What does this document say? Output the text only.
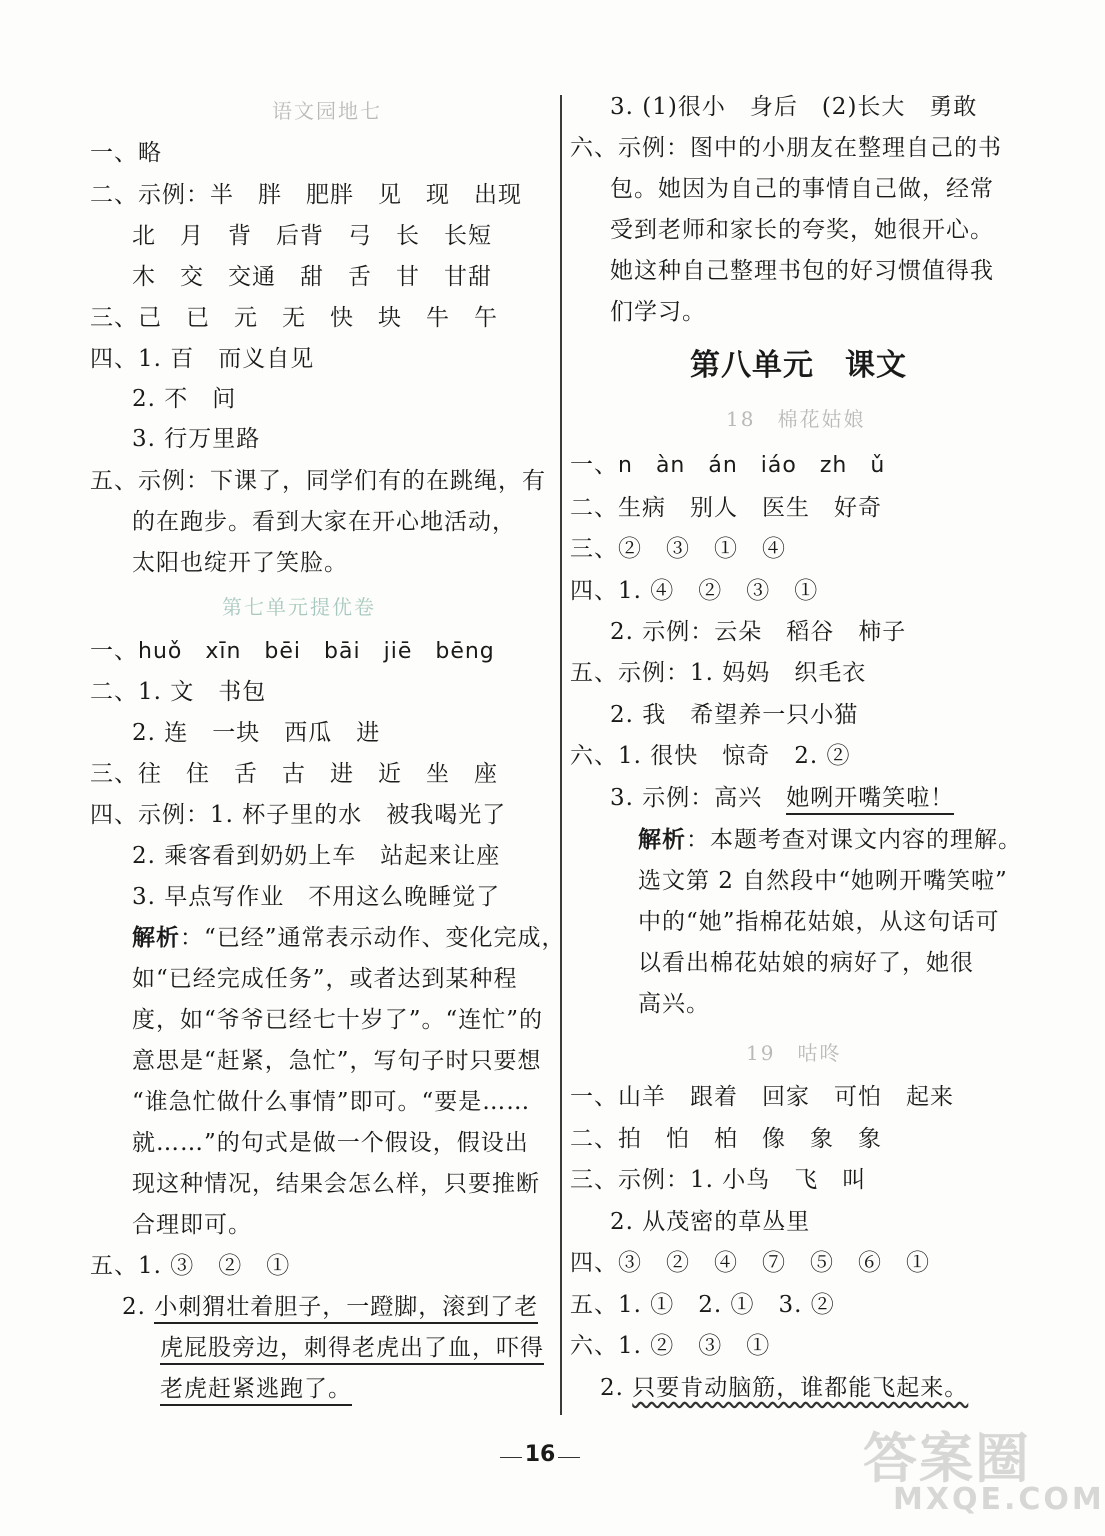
语文园地七
一、略
二、示例：半　胖　肥胖　见　现　出现
北　月　背　后背　弓　长　长短
木　交　交通　甜　舌　甘　甘甜
三、己　已　元　无　快　块　牛　午
四、1. 百　而义自见
2. 不　问
3. 行万里路
五、示例：下课了，同学们有的在跳绳，有
的在跑步。看到大家在开心地活动，
太阳也绽开了笑脸。
第七单元提优卷
一、huǒ　xīn　bēi　bāi　jiē　bēng
二、1. 文　书包
2. 连　一块　西瓜　进
三、往　住　舌　古　进　近　坐　座
四、示例：1. 杯子里的水　被我喝光了
2. 乘客看到奶奶上车　站起来让座
3. 早点写作业　不用这么晚睡觉了
解析：“已经”通常表示动作、变化完成，
如“已经完成任务”，或者达到某种程
度，如“爷爷已经七十岁了”。“连忙”的
意思是“赶紧，急忙”，写句子时只要想
“谁急忙做什么事情”即可。“要是……
就……”的句式是做一个假设，假设出
现这种情况，结果会怎么样，只要推断
合理即可。
五、1. ③　②　①
2. 小刺猬壮着胆子，一蹬脚，滚到了老
虎屁股旁边，刺得老虎出了血，吓得
老虎赶紧逃跑了。
3. (1)很小　身后　(2)长大　勇敢
六、示例：图中的小朋友在整理自己的书
包。她因为自己的事情自己做，经常
受到老师和家长的夸奖，她很开心。
她这种自己整理书包的好习惯值得我
们学习。
第八单元　课文
18　棉花姑娘
一、n　àn　án　iáo　zh　ǔ
二、生病　别人　医生　好奇
三、②　③　①　④
四、1. ④　②　③　①
2. 示例：云朵　稻谷　柿子
五、示例：1. 妈妈　织毛衣
2. 我　希望养一只小猫
六、1. 很快　惊奇　2. ②
3. 示例：高兴　她咧开嘴笑啦！
解析：本题考查对课文内容的理解。
选文第 2 自然段中“她咧开嘴笑啦”
中的“她”指棉花姑娘，从这句话可
以看出棉花姑娘的病好了，她很
高兴。
19　咕咚
一、山羊　跟着　回家　可怕　起来
二、拍　怕　柏　像　象　象
三、示例：1. 小鸟　飞　叫
2. 从茂密的草丛里
四、③　②　④　⑦　⑤　⑥　①
五、1. ①　2. ①　3. ②
六、1. ②　③　①
2. 只要肯动脑筋，谁都能飞起来。
16	答案圈
MXQE.COM
